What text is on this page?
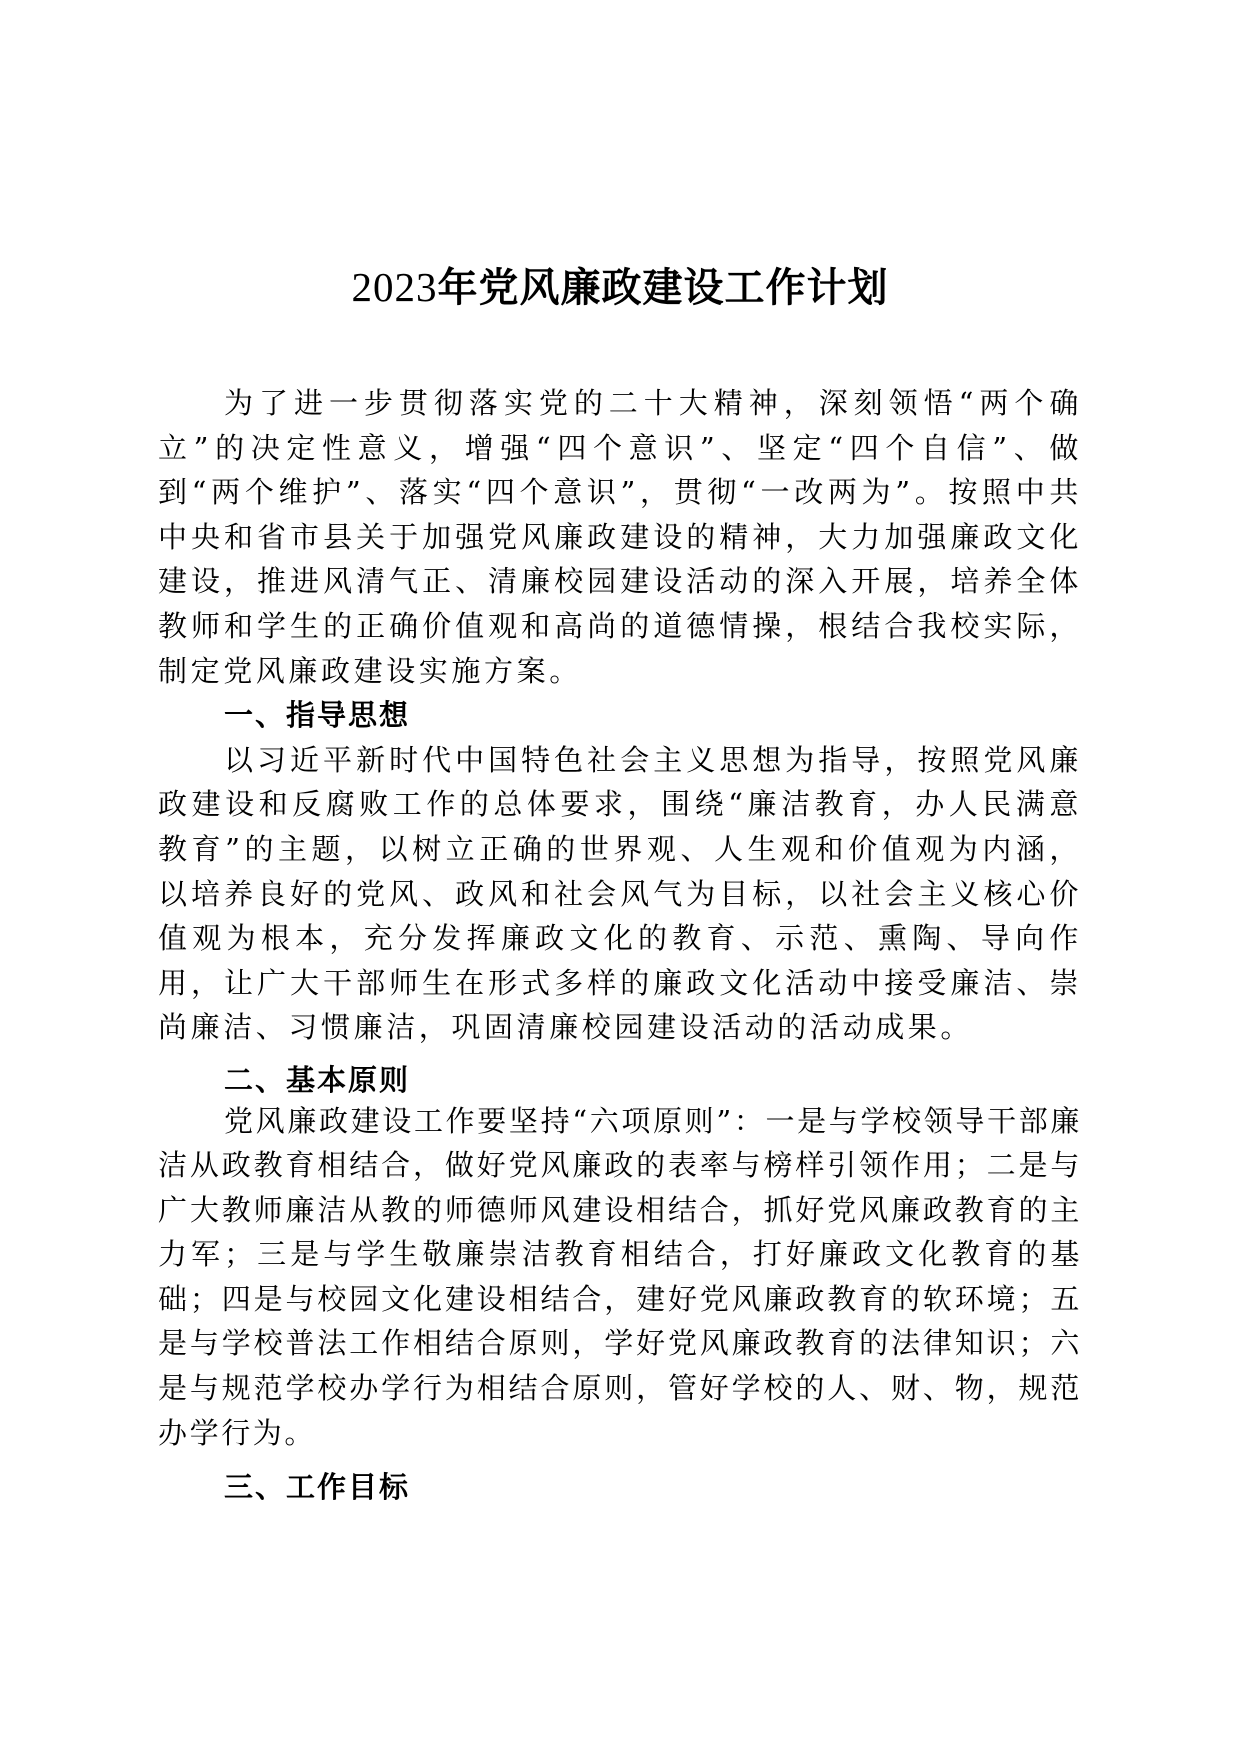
2023年党风廉政建设工作计划

为了进一步贯彻落实党的二十大精神，深刻领悟“两个确立”的决定性意义，增强“四个意识”、坚定“四个自信”、做到“两个维护”、落实“四个意识”，贯彻“一改两为”。按照中共中央和省市县关于加强党风廉政建设的精神，大力加强廉政文化建设，推进风清气正、清廉校园建设活动的深入开展，培养全体教师和学生的正确价值观和高尚的道德情操，根结合我校实际，制定党风廉政建设实施方案。

一、指导思想

以习近平新时代中国特色社会主义思想为指导，按照党风廉政建设和反腐败工作的总体要求，围绕“廉洁教育，办人民满意教育”的主题，以树立正确的世界观、人生观和价值观为内涵，以培养良好的党风、政风和社会风气为目标，以社会主义核心价值观为根本，充分发挥廉政文化的教育、示范、熏陶、导向作用，让广大干部师生在形式多样的廉政文化活动中接受廉洁、崇尚廉洁、习惯廉洁，巩固清廉校园建设活动的活动成果。

二、基本原则

党风廉政建设工作要坚持“六项原则”：一是与学校领导干部廉洁从政教育相结合，做好党风廉政的表率与榜样引领作用；二是与广大教师廉洁从教的师德师风建设相结合，抓好党风廉政教育的主力军；三是与学生敬廉崇洁教育相结合，打好廉政文化教育的基础；四是与校园文化建设相结合，建好党风廉政教育的软环境；五是与学校普法工作相结合原则，学好党风廉政教育的法律知识；六是与规范学校办学行为相结合原则，管好学校的人、财、物，规范办学行为。

三、工作目标
